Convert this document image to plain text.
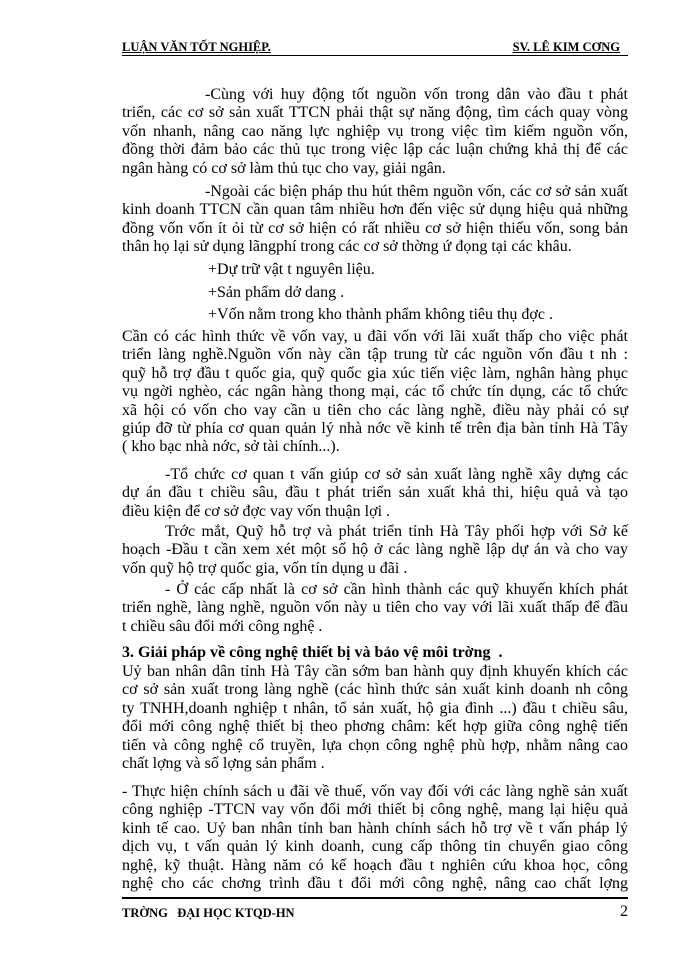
LUẬN VĂN TỐT NGHIỆP.	SV. LÊ KIM CƠNG
-Cùng với huy động tốt nguồn vốn trong dân vào đầu t phát
triển, các cơ sở sản xuất TTCN phải thật sự năng động, tìm cách quay vòng
vốn nhanh, nâng cao năng lực nghiệp vụ trong việc tìm kiếm nguồn vốn,
đồng thời đảm bảo các thủ tục trong việc lập các luận chứng khả thị để các
ngân hàng có cơ sở làm thủ tục cho vay, giải ngân.
-Ngoài các biện pháp thu hút thêm nguồn vốn, các cơ sở sản xuất
kinh doanh TTCN cần quan tâm nhiều hơn đến việc sử dụng hiệu quả những
đồng vốn vốn ít ỏi từ cơ sở hiện có rất nhiều cơ sở hiện thiếu vốn, song bản
thân họ lại sử dụng lãngphí trong các cơ sở thờng ứ đọng tại các khâu.
+Dự trữ vật t nguyên liệu.
+Sản phẩm dở dang .
+Vốn nằm trong kho thành phẩm không tiêu thụ đợc .
Cần có các hình thức về vốn vay, u đãi vốn với lãi xuất thấp cho việc phát
triển làng nghề.Nguồn vốn này cần tập trung từ các nguồn vốn đầu t nh :
quỹ hỗ trợ đầu t quốc gia, quỹ quốc gia xúc tiến việc làm, nghân hàng phục
vụ ngời nghèo, các ngân hàng thong mại, các tổ chức tín dụng, các tổ chức
xã hội có vốn cho vay cần u tiên cho các làng nghề, điều này phải có sự
giúp đỡ từ phía cơ quan quản lý nhà nớc về kinh tế trên địa bàn tỉnh Hà Tây
( kho bạc nhà nớc, sở tài chính...).
-Tổ chức cơ quan t vấn giúp cơ sở sản xuất làng nghề xây dựng các
dự án đầu t chiều sâu, đầu t phát triển sản xuất khả thi, hiệu quả và tạo
điều kiện để cơ sở đợc vay vốn thuận lợi .
Trớc mắt, Quỹ hỗ trợ và phát triển tỉnh Hà Tây phối hợp với Sở kế
hoạch -Đầu t cần xem xét một số hộ ở các làng nghề lập dự án và cho vay
vốn quỹ hộ trợ quốc gia, vốn tín dụng u đãi .
- Ở các cấp nhất là cơ sở cần hình thành các quỹ khuyến khích phát
triển nghề, làng nghề, nguồn vốn này u tiên cho vay với lãi xuất thấp để đầu
t chiều sâu đổi mới công nghệ .
Uỷ ban nhân dân tỉnh Hà Tây cần sớm ban hành quy định khuyến khích các
cơ sở sản xuất trong làng nghề (các hình thức sản xuất kinh doanh nh công
ty TNHH,doanh nghiệp t nhân, tổ sản xuất, hộ gia đình ...) đầu t chiều sâu,
đổi mới công nghệ thiết bị theo phơng châm: kết hợp giữa công nghệ tiến
tiến và công nghệ cổ truyền, lựa chọn công nghệ phù hợp, nhằm nâng cao
chất lợng và số lợng sản phẩm .
- Thực hiện chính sách u đãi về thuế, vốn vay đối với các làng nghề sản xuất
công nghiệp -TTCN vay vốn đổi mới thiết bị công nghệ, mang lại hiệu quả
kinh tế cao. Uỷ ban nhân tỉnh ban hành chính sách hỗ trợ về t vấn pháp lý
dịch vụ, t vấn quản lý kinh doanh, cung cấp thông tin chuyển giao công
nghệ, kỹ thuật. Hàng năm có kế hoạch đầu t nghiên cứu khoa học, công
nghệ cho các chơng trình đầu t đổi mới công nghệ, nâng cao chất lợng
3. Giải pháp về công nghệ thiết bị và bảo vệ môi trờng  .
TRỜNG   ĐẠI HỌC KTQD-HN	2
